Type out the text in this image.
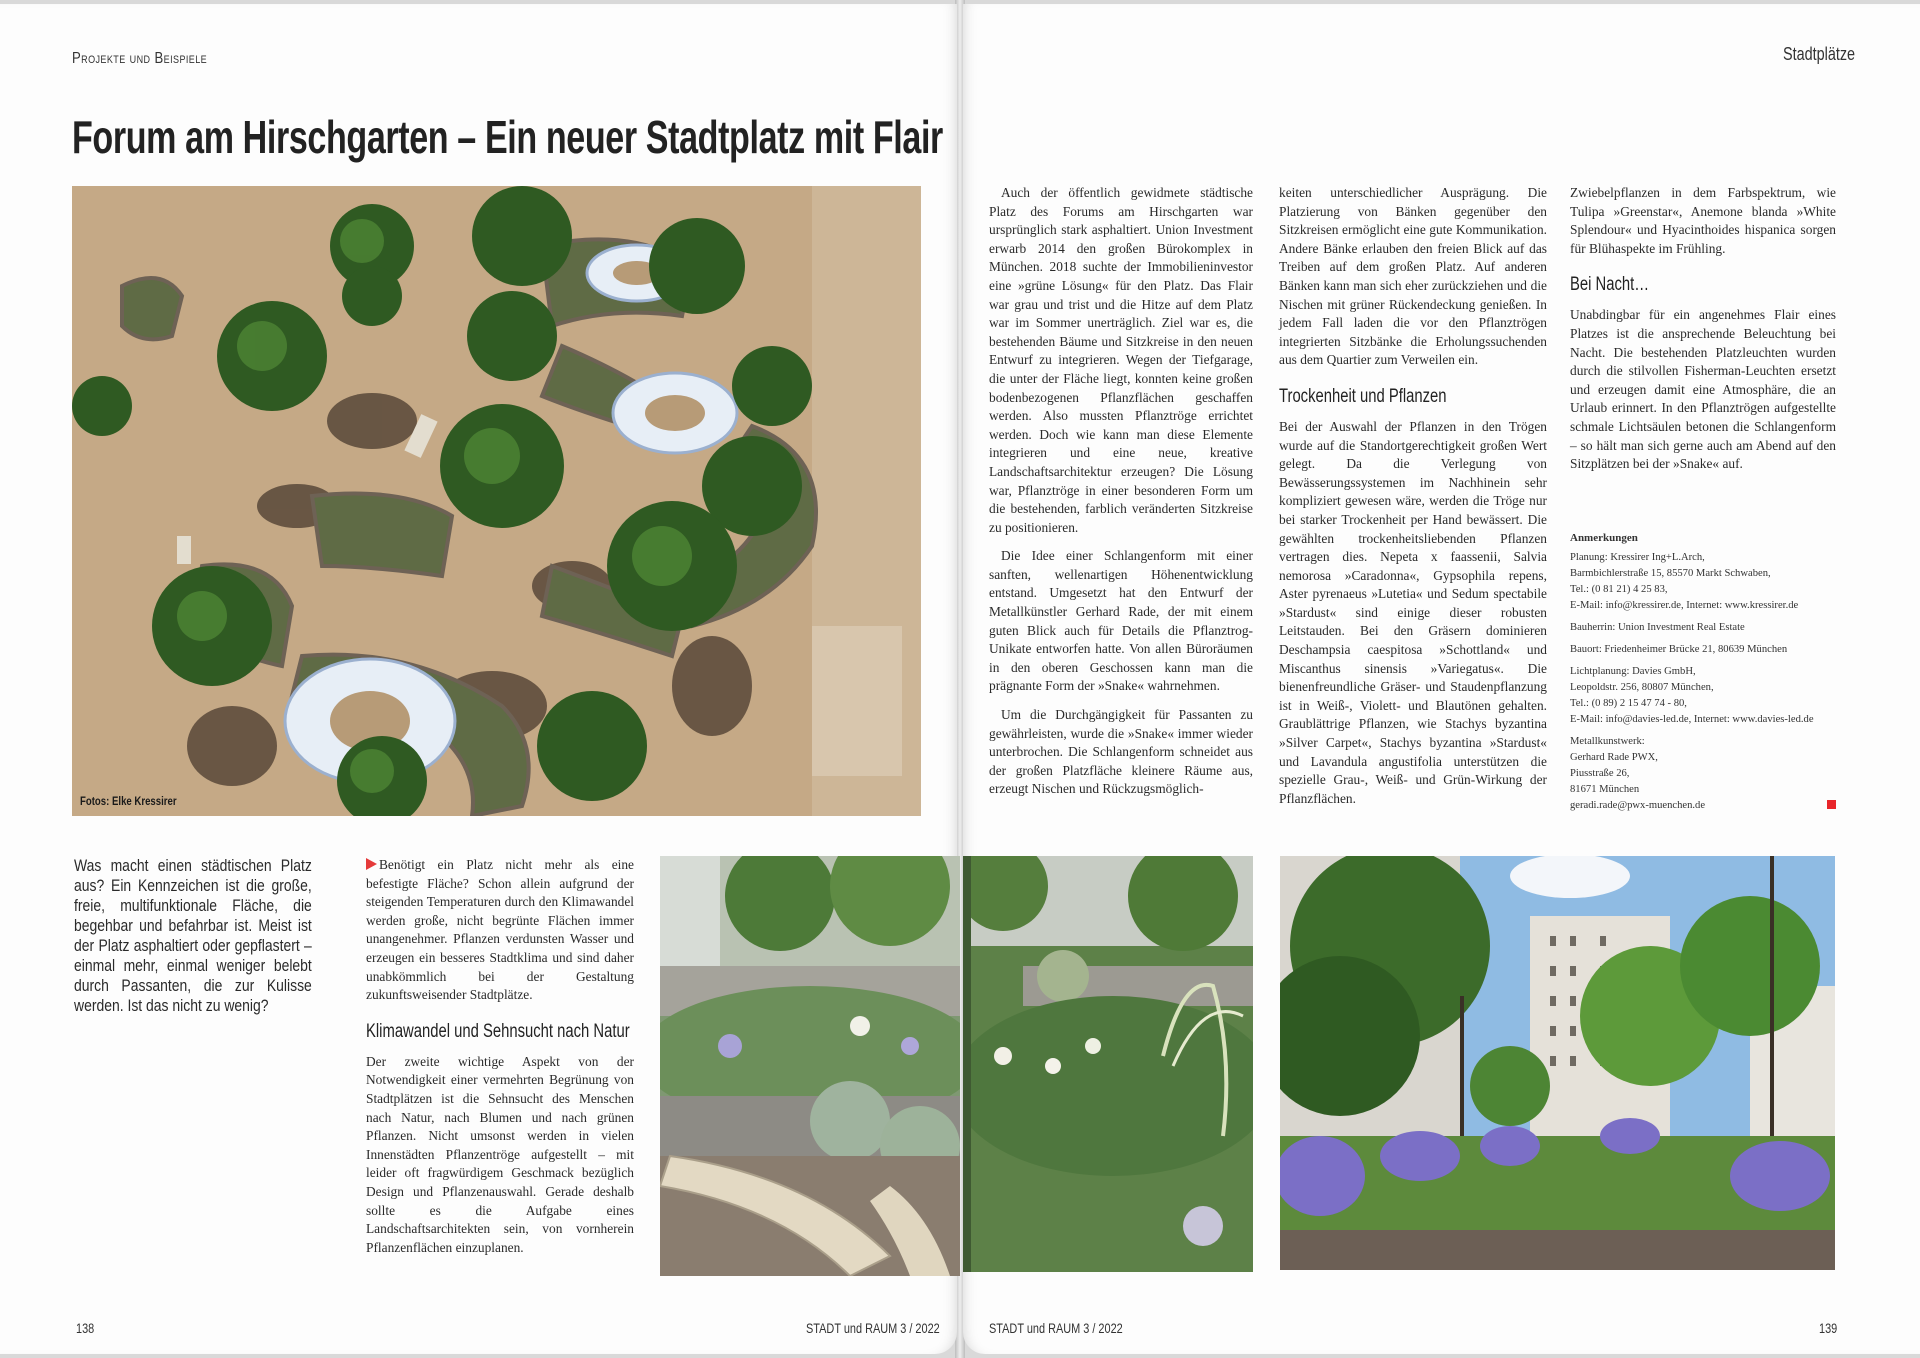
Projekte und Beispiele
Forum am Hirschgarten – Ein neuer Stadtplatz mit Flair
Fotos: Elke Kressirer
Was macht einen städtischen Platz aus? Ein Kennzeichen ist die große, freie, multifunktionale Fläche, die begehbar und befahrbar ist. Meist ist der Platz asphaltiert oder gepflastert – einmal mehr, einmal weniger belebt durch Passanten, die zur Kulisse werden. Ist das nicht zu wenig?

Benötigt ein Platz nicht mehr als eine befestigte Fläche? Schon allein aufgrund der steigenden Temperaturen durch den Klimawandel werden große, nicht begrünte Flächen immer unangenehmer. Pflanzen verdunsten Wasser und erzeugen ein besseres Stadtklima und sind daher unabkömmlich bei der Gestaltung zukunftsweisender Stadtplätze.

Klimawandel und Sehnsucht nach Natur

Der zweite wichtige Aspekt von der Notwendigkeit einer vermehrten Begrünung von Stadtplätzen ist die Sehnsucht des Menschen nach Natur, nach Blumen und nach grünen Pflanzen. Nicht umsonst werden in vielen Innenstädten Pflanzentröge aufgestellt – mit leider oft fragwürdigem Geschmack bezüglich Design und Pflanzenauswahl. Gerade deshalb sollte es die Aufgabe eines Landschaftsarchitekten sein, von vornherein Pflanzenflächen einzuplanen.

138	STADT und RAUM 3 / 2022
Stadtplätze

Auch der öffentlich gewidmete städtische Platz des Forums am Hirschgarten war ursprünglich stark asphaltiert. Union Investment erwarb 2014 den großen Bürokomplex in München. 2018 suchte der Immobilieninvestor eine »grüne Lösung« für den Platz. Das Flair war grau und trist und die Hitze auf dem Platz war im Sommer unerträglich. Ziel war es, die bestehenden Bäume und Sitzkreise in den neuen Entwurf zu integrieren. Wegen der Tiefgarage, die unter der Fläche liegt, konnten keine großen bodenbezogenen Pflanzflächen geschaffen werden. Also mussten Pflanztröge errichtet werden. Doch wie kann man diese Elemente integrieren und eine neue, kreative Landschaftsarchitektur erzeugen? Die Lösung war, Pflanztröge in einer besonderen Form um die bestehenden, farblich veränderten Sitzkreise zu positionieren.

Die Idee einer Schlangenform mit einer sanften, wellenartigen Höhenentwicklung entstand. Umgesetzt hat den Entwurf der Metallkünstler Gerhard Rade, der mit einem guten Blick auch für Details die Pflanztrog-Unikate entworfen hatte. Von allen Büroräumen in den oberen Geschossen kann man die prägnante Form der »Snake« wahrnehmen.

Um die Durchgängigkeit für Passanten zu gewährleisten, wurde die »Snake« immer wieder unterbrochen. Die Schlangenform schneidet aus der großen Platzfläche kleinere Räume aus, erzeugt Nischen und Rückzugsmöglich-

keiten unterschiedlicher Ausprägung. Die Platzierung von Bänken gegenüber den Sitzkreisen ermöglicht eine gute Kommunikation. Andere Bänke erlauben den freien Blick auf das Treiben auf dem großen Platz. Auf anderen Bänken kann man sich eher zurückziehen und die Nischen mit grüner Rückendeckung genießen. In jedem Fall laden die vor den Pflanztrögen integrierten Sitzbänke die Erholungssuchenden aus dem Quartier zum Verweilen ein.

Trockenheit und Pflanzen

Bei der Auswahl der Pflanzen in den Trögen wurde auf die Standortgerechtigkeit großen Wert gelegt. Da die Verlegung von Bewässerungssystemen im Nachhinein sehr kompliziert gewesen wäre, werden die Tröge nur bei starker Trockenheit per Hand bewässert. Die gewählten trockenheitsliebenden Pflanzen vertragen dies. Nepeta x faassenii, Salvia nemorosa »Caradonna«, Gypsophila repens, Aster pyrenaeus »Lutetia« und Sedum spectabile »Stardust« sind einige dieser robusten Leitstauden. Bei den Gräsern dominieren Deschampsia caespitosa »Schottland« und Miscanthus sinensis »Variegatus«. Die bienenfreundliche Gräser- und Staudenpflanzung ist in Weiß-, Violett- und Blautönen gehalten. Graublättrige Pflanzen, wie Stachys byzantina »Silver Carpet«, Stachys byzantina »Stardust« und Lavandula angustifolia unterstützen die spezielle Grau-, Weiß- und Grün-Wirkung der Pflanzflächen.

Zwiebelpflanzen in dem Farbspektrum, wie Tulipa »Greenstar«, Anemone blanda »White Splendour« und Hyacinthoides hispanica sorgen für Blühaspekte im Frühling.

Bei Nacht…

Unabdingbar für ein angenehmes Flair eines Platzes ist die ansprechende Beleuchtung bei Nacht. Die bestehenden Platzleuchten wurden durch die stilvollen Fisherman-Leuchten ersetzt und erzeugen damit eine Atmosphäre, die an Urlaub erinnert. In den Pflanztrögen aufgestellte schmale Lichtsäulen betonen die Schlangenform – so hält man sich gerne auch am Abend auf den Sitzplätzen bei der »Snake« auf.

Anmerkungen

Planung: Kressirer Ing+L.Arch,
Barmbichlerstraße 15, 85570 Markt Schwaben,
Tel.: (0 81 21) 4 25 83,
E-Mail: info@kressirer.de, Internet: www.kressirer.de

Bauherrin: Union Investment Real Estate

Bauort: Friedenheimer Brücke 21, 80639 München

Lichtplanung: Davies GmbH,
Leopoldstr. 256, 80807 München,
Tel.: (0 89) 2 15 47 74 - 80,
E-Mail: info@davies-led.de, Internet: www.davies-led.de

Metallkunstwerk:
Gerhard Rade PWX,
Piusstraße 26,
81671 München
geradi.rade@pwx-muenchen.de

STADT und RAUM 3 / 2022	139
